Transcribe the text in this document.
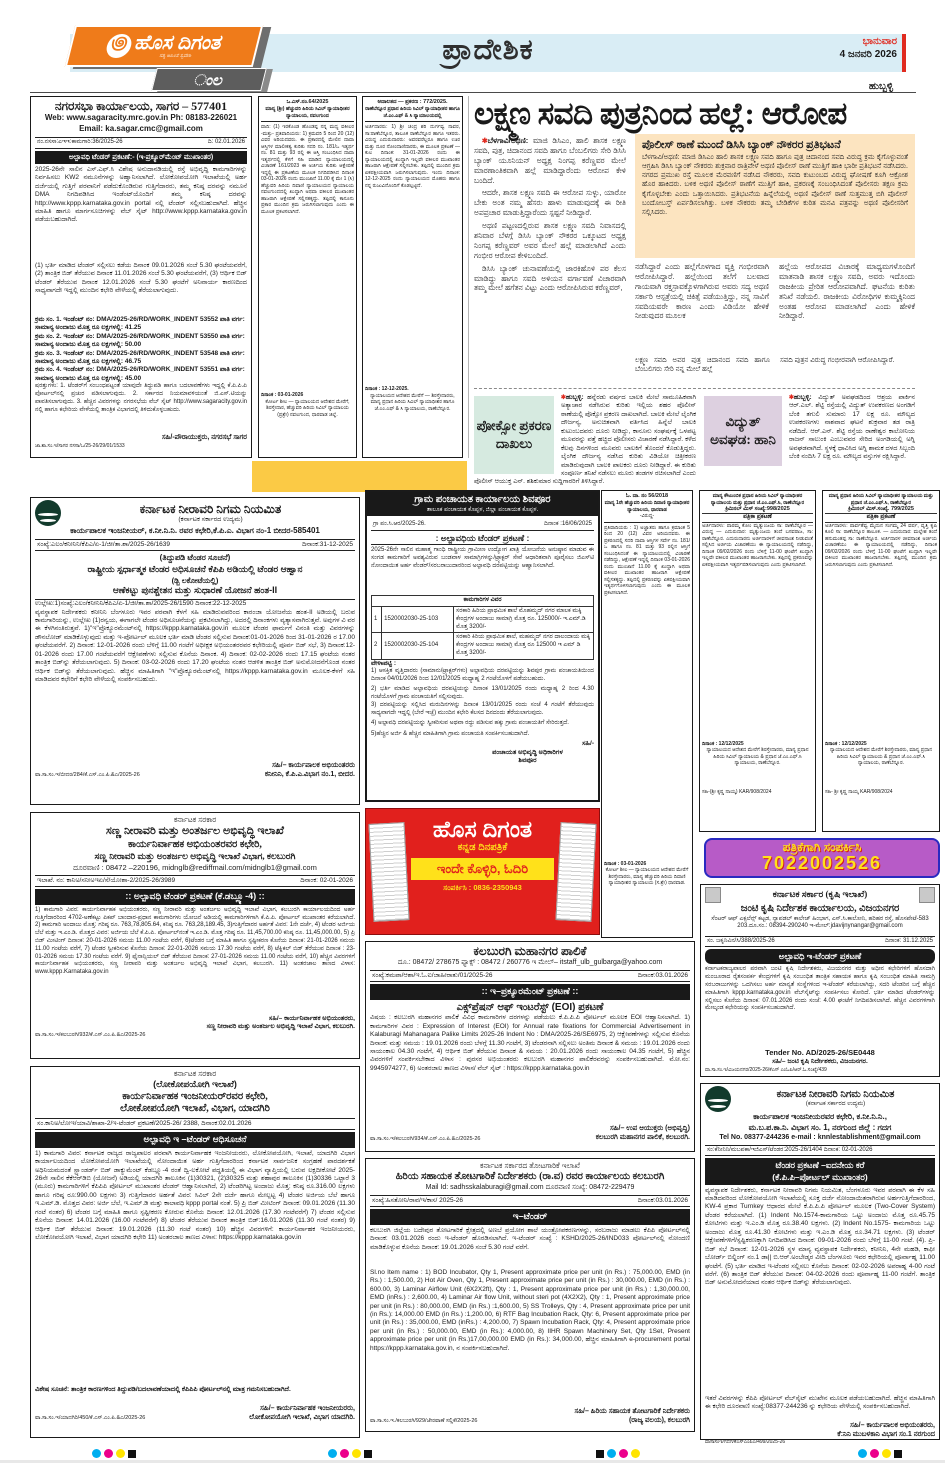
ಪ್ರಾದೇಶಿಕ	ಭಾನುವಾರ
4 ಜನವರಿ 2026
ಹುಬ್ಬಳ್ಳಿ
಄ ಹೊಸ ದಿಗಂತ
ಸತ್ಯ ಅಹಿಂಸೆ ಸ್ವದೇಶಿ
ಂಲ
ನಗರಸಭಾ ಕಾರ್ಯಾಲಯ, ಸಾಗರ – 577401
Web: www.sagaracity.mrc.gov.in Ph: 08183-226021
Email: ka.sagar.cmc@gmail.com
ನಂ.ನಸಸಾ:ಎಇಇ:ಕಾಮಗಾರಿ:36/2025-26	ದಿ: 02.01.2026
ಅಲ್ಪಾವಧಿ ಟೆಂಡರ್ ಪ್ರಕಟಣೆ:- (ಇ-ಪ್ರಕ್ಯೂರ್‌ಮೆಂಟ್ ಮುಖಾಂತರ)
2025-26ನೇ ಸಾಲಿನ ಎಸ್.ಎಫ್.ಸಿ ವಿಶೇಷ ಅನುದಾನಡಿಯಲ್ಲಿ ರಸ್ತೆ ಅಭಿವೃದ್ಧಿ ಕಾಮಗಾರಿಗಳನ್ನು ನಿರ್ವಹಿಸಲು KW2 ನಮೂನೆಗಳನ್ನು ಅಹ್ವಾನಿಸಲಾಗಿದೆ. ಲೋಕೋಪಯೋಗಿ ಇಲಾಖೆಯಲ್ಲಿ ಅರ್ಹ ದರ್ಜೆಯಲ್ಲಿ ಗುತ್ತಿಗೆ ಪರವಾನಿಗೆ ಪಡೆದುಕೊಂಡಿರುವ ಗುತ್ತಿಗೆದಾರರು, ತಮ್ಮ ಕನಿಷ್ಠ ದರವನ್ನು ನಮೂನೆ DMA ನಿಗದಿಪಡಿಸಿದ ಇಂಡೆಂಟ್‌ಯೊಂದಿಗೆ ತಮ್ಮ ಕನಿಷ್ಠ ದರವನ್ನು http://www.kppp.karnataka.gov.in portal ನಲ್ಲಿ ಟೆಂಡರ್ ಸಲ್ಲಿಸಬಹುದಾಗಿದೆ. ಹೆಚ್ಚಿನ ಮಾಹಿತಿ ಹಾಗೂ ಮಾರ್ಗಸೂಚಿಗಳನ್ನು ವೆಬ್ ಸೈಟ್ http://www.kppp.karnataka.gov.in ಪಡೆಯಬಹುದಾಗಿದೆ.
(1) ಭರ್ತಿ ಮಾಡಿದ ಟೆಂಡರ್ ಸಲ್ಲಿಸಲು ಕಡೆಯ ದಿನಾಂಕ 09.01.2026 ಸಂಜೆ 5.30 ಘಂಟೆಯವರೆಗೆ, (2) ತಾಂತ್ರಿಕ ಬಿಡ್ ತೆರೆಯುವ ದಿನಾಂಕ 11.01.2026 ಸಂಜೆ 5.30 ಘಂಟೆಯವರೆಗೆ, (3) ಆರ್ಥಿಕ ಬಿಡ್ ಟೆಂಡರ್ ತೆರೆಯುವ ದಿನಾಂಕ 12.01.2026 ಸಂಜೆ 5.30 ಘಂಟೆಗೆ ಅನಿವಾರ್ಯ ಕಾರಣದಿಂದ ಸಾಧ್ಯವಾಗದೇ ಇದ್ದಲ್ಲಿ ಮುಂದಿನ ಕಛೇರಿ ವೇಳೆಯಲ್ಲಿ ತೆರೆಯಲಾಗುವುದು.
ಕ್ರಮ ಸಂ. 1. ಇಂಡೆಂಟ್ ನಂ: DMA/2025-26/RD/WORK_INDENT 53552 ಪಾತಿ ವರ್ಗ: ಸಾಮಾನ್ಯ ಅಂದಾಜು ಮೊತ್ತ ರೂ ಲಕ್ಷಗಳಲ್ಲಿ: 41.25
ಕ್ರಮ ಸಂ. 2. ಇಂಡೆಂಟ್ ನಂ: DMA/2025-26/RD/WORK_INDENT 53550 ಪಾತಿ ವರ್ಗ: ಸಾಮಾನ್ಯ ಅಂದಾಜು ಮೊತ್ತ ರೂ ಲಕ್ಷಗಳಲ್ಲಿ: 50.00
ಕ್ರಮ ಸಂ. 3. ಇಂಡೆಂಟ್ ನಂ: DMA/2025-26/RD/WORK_INDENT 53548 ಪಾತಿ ವರ್ಗ: ಸಾಮಾನ್ಯ ಅಂದಾಜು ಮೊತ್ತ ರೂ ಲಕ್ಷಗಳಲ್ಲಿ: 46.75
ಕ್ರಮ ಸಂ. 4. ಇಂಡೆಂಟ್ ನಂ: DMA/2025-26/RD/WORK_INDENT 53551 ಪಾತಿ ವರ್ಗ: ಸಾಮಾನ್ಯ ಅಂದಾಜು ಮೊತ್ತ ರೂ ಲಕ್ಷಗಳಲ್ಲಿ: 45.00
ಷರತ್ತುಗಳು: 1. ಟೆಂಡರ್‌ಗೆ ಸಂಬಂಧಪಟ್ಟಂತೆ ಯಾವುದೇ ತಿದ್ದುಪಡಿ ಹಾಗೂ ಬದಲಾವಣೆಗಳು ಇದ್ದಲ್ಲಿ ಕೆ.ಪಿ.ಪಿ.ಪಿ ಪೋರ್ಟಲ್‌ನಲ್ಲಿ ಪ್ರಚುರ ಪಡಿಸಲಾಗುವುದು. 2. ಸರ್ಕಾರದ ನಿಯಮಾವಳಿಯಂತೆ ಜಿ.ಎಸ್.ಟಿಯನ್ನು ಪಾವತಿಸಲಾಗುವುದು. 3. ಹೆಚ್ಚಿನ ವಿವರಗಳನ್ನು ನಗರಸಭೆಯ ವೆಬ್ ಸೈಟ್ http://www.sagaracity.gov.in ನಲ್ಲಿ ಹಾಗೂ ಕಛೇರಿಯ ವೇಳೆಯಲ್ಲಿ ತಾಂತ್ರಿಕ ವಿಭಾಗದಲ್ಲಿ ತಿಳಿದುಕೊಳ್ಳಬಹುದು.
ಸಹಿ/-ಪೌರಾಯುಕ್ತರು, ನಗರಸಭೆ ಸಾಗರ
ಜಾ.ಶಾ.ಸಂ.ಇ/ಸಾಗರ ನಸಸಾ/ಒ/25-26/29/01/1533
ಒ.ಎಸ್.ನಂ.64/2025
ಮಾನ್ಯ (ಶ್ರೀ) ಹೆಚ್ಚುವರಿ ಹಿರಿಯ ಸಿವಿಲ್ ನ್ಯಾಯಾಧೀಶರ ನ್ಯಾಯಾಲಯ, ನವಲಗುಂದ
ವಾದಿ: (1) ಇರಕೊಂಡ ಹೊಂಡಪ್ಪ ನನ್ನ ಮಧ್ಯ ವಕೀಲರ -ಮತ್ತು- ಪ್ರತಿವಾದಿಯರು: 1) ಕ್ರಮವರಿ 5 ರಿಂದ 20 (12) ವಿವರ ಅರಿಯದವರು. ಈ ಪ್ರಕಾರದಲ್ಲಿ ಮೇಲಿನ ದಾವಾ ಆಸ್ತಿಗಳ ಮಾಲೀಕತ್ವ ಕುರಿತು ಸದರಿ ನಂ. 181/ಒ ಇತ್ಯರ್ಥ ನಂ. 81 ಮತ್ತು 93 ರಲ್ಲಿ ಈ ಆಸ್ತಿ ಸಂಬಂಧಿಸಿದ ದಾವಾ ಇತ್ಯರ್ಥದಲ್ಲಿ ಕೆಳಗೆ ಸಹಿ ಮಾಡಿದ ನ್ಯಾಯಾಲಯದಲ್ಲಿ ವಿಚಾರಣೆ 161/2023 ಈ ಅರ್ಜಿಯ ಕುರಿತು ಆಕ್ಷೇಪಣೆ ಇದ್ದಲ್ಲಿ ಈ ಪ್ರಕಟಣೆಯ ಮೂಲಕ ನಿಗದಿಪಡಿಸಿದ ದಿನಾಂಕ 03-01-2026 ರಂದು ಮುಂಜಾನೆ 11.00 ಕ್ಕೆ ಮೇ 1 (ಸಿ) ಹೆಚ್ಚುವರಿ ಹಿರಿಯ ದಿವಾಣಿ ನ್ಯಾಯಾಲಯದ ನ್ಯಾಯಾಲಯ ನವಲಗುಂದದಲ್ಲಿ ಖುದ್ದಾಗಿ ಅಥವಾ ವಕೀಲರ ಮುಖಾಂತರ ಹಾಜರಾಗಿ ಆಕ್ಷೇಪಣೆ ಸಲ್ಲಿಸತಕ್ಕದ್ದು. ತಪ್ಪಿದಲ್ಲಿ ಕಾನೂನು ಪ್ರಕಾರ ಮುಂದಿನ ಕ್ರಮ ಜರುಗಿಸಲಾಗುವುದು ಎಂದು ಈ ಮೂಲಕ ಪ್ರಕಟಿಸಲಾಗಿದೆ.
ದಿನಾಂಕ : 03-01-2026
ಕೋರ್ಟ ಶೀಲ — ನ್ಯಾಯಾಲಯದ ಆದೇಶದ ಮೇರೆಗೆ, ಶಿರಸ್ತೇದಾರ, ಹೆಚ್ಚುವರಿ ಹಿರಿಯ ಸಿವಿಲ್ ನ್ಯಾಯಾಲಯ (ಪ್ರಶ್ರೇ) ನವಲಗುಂದ, ಧಾರವಾಡ ಜಿಲ್ಲೆ.
ಅದಾಲತದ — ಪ್ರಕರಣ : 772/2025.
ರಾಣೆಬೆನ್ನೂರ ಪ್ರಧಾನ ಹಿರಿಯ ಸಿವಿಲ್ ನ್ಯಾಯಾಧೀಶರ ಹಾಗೂ ಜೆ.ಎಂ.ಎಫ್ & ಸಿ ನ್ಯಾಯಾಲಯದಲ್ಲಿ
ಅರ್ಜಿದಾರರು: 1) ಶ್ರೀ ಚಂದ್ರ ಶರಿ ದುರ್ಗವ್ವ ನಾವರ, ಸಾ:ರಾಣೆಬೆನ್ನೂರ, ತಾಲೂಕ ರಾಣೆಬೆನ್ನೂರ ಹಾಗೂ ಇತರರು. ವಿರುದ್ಧ ಎದುರುದಾರರು: ಅವರವರೆಲ್ಲರೂ ಹಾಗೂ ಊರ ಮತ್ತು ದೂರ ನೋಂದಾಣಿದಾರರು, ಈ ಮೂಲಕ ಪ್ರಕಟಣೆ — ಕುಲ ದಿನಾಂಕ: 31-01-2026 ರಂದು ಈ ನ್ಯಾಯಾಲಯದಲ್ಲಿ ಖುದ್ದಾಗಿ ಇಲ್ಲವೇ ವಕೀಲರ ಮುಖಾಂತರ ಹಾಜರಾಗಿ ಆಕ್ಷೇಪಣೆ ಸಲ್ಲಿಸಬೇಕು. ತಪ್ಪಿದಲ್ಲಿ ಮುಂದಿನ ಕ್ರಮ ಏಕಪಕ್ಷೀಯವಾಗಿ ಜರುಗಿಸಲಾಗುವುದು. ಇಂದು ದಿನಾಂಕ: 12-12-2025 ರಂದು ನ್ಯಾಯಾಲಯದ ಮೊಹರು ಹಾಗೂ ನನ್ನ ರುಜುವಿನೊಂದಿಗೆ ಕೊಡಲ್ಪಟ್ಟಿದೆ.
ದಿನಾಂಕ : 12-12-2025.
ನ್ಯಾಯಾಲಯದ ಆದೇಶದ ಮೇರೆಗೆ — ಶಿರಸ್ತೇದಾರರು, ಮಾನ್ಯ ಪ್ರಧಾನ ಹಿರಿಯ ಸಿವಿಲ್ ನ್ಯಾಯಾಧೀಶರ ಹಾಗೂ ಜೆ.ಎಂ.ಎಫ್ & ಸಿ ನ್ಯಾಯಾಲಯ, ರಾಣೆಬೆನ್ನೂರ.
ಲಕ್ಷ್ಮಣ ಸವದಿ ಪುತ್ರನಿಂದ ಹಲ್ಲೆ: ಆರೋಪ

✱ಬೆಳಗಾವಿ/ಅಥಣಿ: ಮಾಜಿ ಡಿಸಿಎಂ, ಹಾಲಿ ಶಾಸಕ ಲಕ್ಷ್ಮಣ ಸವದಿ, ಪುತ್ರ, ಚಿದಾನಂದ ಸವದಿ ಹಾಗೂ ಬೆಂಬಲಿಗರು ಸೇರಿ ಡಿಸಿಸಿ ಬ್ಯಾಂಕ್ ಯೂನಿಯನ್ ಅಧ್ಯಕ್ಷ ನಿಂಗಪ್ಪ ಕರೆಣ್ಣವರ ಮೇಲೆ ಮಾರಣಾಂತಿಕವಾಗಿ ಹಲ್ಲೆ ಮಾಡಿದ್ದಾರೆಂದು ಆರೋಪ ಕೇಳಿ ಬಂದಿದೆ.

ಆದರೇ, ಶಾಸಕ ಲಕ್ಷ್ಮಣ ಸವದಿ ಈ ಆರೋಪ ಸುಳ್ಳು, ಯಾರೋ ಬೇಕು ಅಂತ ನಮ್ಮ ಹೆಸರು ಹಾಳು ಮಾಡುವುದಕ್ಕೆ ಈ ರೀತಿ ಅಪಪ್ರಚಾರ ಮಾಡುತ್ತಿದ್ದಾರೆಂದು ಸ್ಪಷ್ಟನೆ ನೀಡಿದ್ದಾರೆ.

ಅಥಣಿ ಪಟ್ಟಣದಲ್ಲಿರುವ ಶಾಸಕ ಲಕ್ಷ್ಮಣ ಸವದಿ ನಿವಾಸದಲ್ಲಿ ಶನಿವಾರ ಬೆಳಗ್ಗೆ ಡಿಸಿಸಿ ಬ್ಯಾಂಕ್ ನೌಕರರ ಒಕ್ಕೂಟದ ಅಧ್ಯಕ್ಷ ನಿಂಗಪ್ಪ ಕರೆಣ್ಣವರ್ ಅವರ ಮೇಲೆ ಹಲ್ಲೆ ಮಾಡಲಾಗಿದೆ ಎಂದು ಗಂಭೀರ ಆರೋಪ ಕೇಳಿಬಂದಿದೆ.

ಡಿಸಿಸಿ ಬ್ಯಾಂಕ್ ಚುನಾವಣೆಯಲ್ಲಿ ಜಾರಕಿಹೊಳಿ ಪರ ಕೆಲಸ ಮಾಡಿದ್ದು ಹಾಗೂ ಸವದಿ ಅಳಿಯನ ವರ್ಗಾವಣೆ ವಿಚಾರವಾಗಿ ತಮ್ಮ ಮೇಲೆ ಹಗೆತನ ವಿಟ್ಟು ಎಂದು ಆರೋಪಿಸಿರುವ ಕರೆಣ್ಣವರ್,

ಪೊಲೀಸ್ ಠಾಣೆ ಮುಂದೆ ಡಿಸಿಸಿ ಬ್ಯಾಂಕ್ ನೌಕರರ ಪ್ರತಿಭಟನೆ
ಬೆಳಗಾವಿ/ಅಥಣಿ: ಮಾಜಿ ಡಿಸಿಎಂ ಹಾಲಿ ಶಾಸಕ ಲಕ್ಷ್ಮಣ ಸವದಿ ಹಾಗೂ ಪುತ್ರ ಚಿದಾನಂದ ಸವದಿ ವಿರುದ್ಧ ಕ್ರಮ ಕೈಗೊಳ್ಳುವಂತೆ ಆಗ್ರಹಿಸಿ ಡಿಸಿಸಿ ಬ್ಯಾಂಕ್ ನೌಕರರು ಶುಕ್ರವಾರ ರಾತ್ರಿವೇಳೆ ಅಥಣಿ ಪೊಲೀಸ್ ಠಾಣೆ ಮುತ್ತಿಗೆ ಹಾಕಿ ಭಾರೀ ಪ್ರತಿಭಟನೆ ನಡೆಸಿದರು. ನಗರದ ಪ್ರಮುಖ ರಸ್ತೆ ಮೂಲಕ ಮೆರವಣಿಗೆ ನಡೆಸಿದ ನೌಕರರು, ಸವದಿ ಕುಟುಂಬದ ವಿರುದ್ಧ ಘೋಷಣೆ ಕೂಗಿ ಆಕ್ರೋಶ ಹೊರ ಹಾಕಿದರು. ಬಳಿಕ ಅಥಣಿ ಪೊಲೀಸ್ ಠಾಣೆಗೆ ಮುತ್ತಿಗೆ ಹಾಕಿ, ಪ್ರಕರಣಕ್ಕೆ ಸಂಬಂಧಿಸಿದಂತೆ ಪೊಲೀಸರು ತಕ್ಷಣ ಕ್ರಮ ಕೈಗೊಳ್ಳಬೇಕು ಎಂದು ಒತ್ತಾಯಿಸಿದರು. ಪ್ರತಿಭಟನೆಯ ಹಿನ್ನೆಲೆಯಲ್ಲಿ ಅಥಣಿ ಪೊಲೀಸ್ ಠಾಣೆ ಸುತ್ತಮುತ್ತ ಬಿಗಿ ಪೊಲೀಸ್ ಬಂದೋಬಸ್ತ್ ಏರ್ಪಡಿಸಲಾಗಿತ್ತು. ಬಳಿಕ ನೌಕರರು ತಮ್ಮ ಬೇಡಿಕೆಗಳ ಕುರಿತ ಮನವಿ ಪತ್ರವನ್ನು ಅಥಣಿ ಪೊಲೀಸರಿಗೆ ಸಲ್ಲಿಸಿದರು.
ನಡೆಸಿದ್ದಾರೆ ಎಂದು ಹಲ್ಲೆಗೊಳಗಾದ ವ್ಯಕ್ತಿ ಗಂಭೀರವಾಗಿ ಆರೋಪಿಸಿದ್ದಾರೆ. ಹಲ್ಲೆಯಿಂದ ತಲೆಗೆ ಬಲವಾದ ಗಾಯವಾಗಿ ರಕ್ತಸ್ರಾವಕ್ಕೊಳಗಾಗಿರುವ ಅವರು ಸದ್ಯ ಅಥಣಿ ಸರ್ಕಾರಿ ಆಸ್ಪತ್ರೆಯಲ್ಲಿ ಚಿಕಿತ್ಸೆ ಪಡೆಯುತ್ತಿದ್ದು, ನನ್ನ ಸಾವಿಗೆ ಸವದಿಯವರೇ ಕಾರಣ ಎಂದು ವಿಡಿಯೋ ಹೇಳಿಕೆ ನೀಡುವುದರ ಮೂಲಕ
ಹಲ್ಲೆಯ ಆರೋಪದ ವಿಚಾರಕ್ಕೆ ಮಾಧ್ಯಮಗಳೊಂದಿಗೆ ಮಾತನಾಡಿ ಶಾಸಕ ಲಕ್ಷ್ಮಣ ಸವದಿ, ಅವರು ಇದೊಂದು ರಾಜಕೀಯ ಪ್ರೇರಿತ ಆರೋಪವಾಗಿದೆ. ಘಟನೆಯ ಕುರಿತು ತನಿಖೆ ನಡೆಯಲಿ. ರಾಜಕೀಯ ವಿರೋಧಿಗಳ ಕುಮ್ಮಕ್ಕಿನಿಂದ ಅಂತಹ ಆರೋಪ ಮಾಡಲಾಗಿದೆ ಎಂದು ಹೇಳಿಕೆ ನೀಡಿದ್ದಾರೆ.
ಲಕ್ಷ್ಮಣ ಸವದಿ ಅವರ ಪುತ್ರ ಚಿದಾನಂದ ಸವದಿ ಹಾಗೂ ಬೆಂಬಲಿಗರು ಸೇರಿ ನನ್ನ ಮೇಲೆ ಹಲ್ಲೆ
ಸವದಿ ಪುತ್ರನ ವಿರುದ್ಧ ಗಂಭೀರವಾಗಿ ಆರೋಪಿಸಿದ್ದಾರೆ.
ಪೋಕ್ಸೋ ಪ್ರಕರಣ ದಾಖಲು
✱ಹುಬ್ಬಳ್ಳಿ: ಹನ್ನೆರಡು ವರ್ಷದ ಬಾಲಕಿ ಮೇಲೆ ಸಾಮೂಹಿಕವಾಗಿ ಅತ್ಯಾಚಾರ ನಡೆಸಿರುವ ಕುರಿತು ಇಲ್ಲಿಯ ಶಹರ ಪೊಲೀಸ್ ಠಾಣೆಯಲ್ಲಿ ಪೊಕ್ಸೋ ಪ್ರಕರಣ ದಾಖಲಾಗಿದೆ. ಬಾಲಕಿ ಮೇಲೆ ಲೈಂಗಿಕ ದೌರ್ಜನ್ಯ, ಅನುಚಿತವಾಗಿ ವರ್ತಿಸಿದ ಹಿನ್ನೆಲೆ ಬಾಲಕಿ ಕುಟುಂಬದವರು ದೂರು ನೀಡಿದ್ದು, ಕಾನೂನು ಸಂಘರ್ಷಕ್ಕೆ ಒಳಪಟ್ಟ ಮೂವರನ್ನು ಪತ್ತೆ ಹಚ್ಚಿದ ಪೊಲೀಸರು ವಿಚಾರಣೆ ನಡೆಸಿದ್ದಾರೆ. ಕಳೆದ ಕೆಲವು ದಿನಗಳಿಂದ ಮೂವರು ಬಾಲಕಿಗೆ ತೊಂದರೆ ಕೊಡುತ್ತಿದ್ದರು. ಲೈಂಗಿಕ ದೌರ್ಜನ್ಯ ನಡೆಸಿದ ಕುರಿತು ವಿಡಿಯೋ ಚಿತ್ರೀಕರಣ ಮಾಡಿರುವುದಾಗಿ ಬಾಲಕಿ ಪಾಲಕರು ದೂರು ನೀಡಿದ್ದಾರೆ. ಈ ಕುರಿತು ಸಂಪೂರ್ಣ ತನಿಖೆ ನಡೆಸಲು ಮೂರು ತಂಡಗಳ ರಚಿಸಲಾಗಿದೆ ಎಂದು ಪೊಲೀಸ್ ಆಯುಕ್ತ ಎನ್. ಶಶಿಕುಮಾರ ಸುದ್ದಿಗಾರರಿಗೆ ತಿಳಿಸಿದ್ದಾರೆ.
ವಿದ್ಯುತ್ ಅವಘಡ: ಹಾನಿ
✱ಹುಬ್ಬಳ್ಳಿ: ವಿದ್ಯುತ್ ಅವಘಡದಿಂದ ಆಶ್ರಯ ಪಾರ್ಕಿನ ಆರ್.ಎಲ್. ಶೆಟ್ಟಿ ರಸ್ತೆಯಲ್ಲಿ ವಿದ್ಯುತ್ ಉಪಕರಣದ ಅಂಗಡಿಗೆ ಬೆಂಕಿ ತಗುಲಿ ಸುಮಾರು 17 ಲಕ್ಷ ರೂ. ಮೌಲ್ಯದ ಉಪಕರಣಗಳು ನಾಶವಾದ ಘಟನೆ ಶುಕ್ರವಾರ ತಡ ರಾತ್ರಿ ನಡೆದಿದೆ. ಆರ್.ಎನ್. ಶೆಟ್ಟಿ ರಸ್ತೆಯ ರಾಣೇಶ್ವರ ಕಾಲೋನಿಯ ರಾಜನ್ ಸಾಲುಂಕಿ ಎಂಬುವವರ ಸೇರಿದ ಅಂಗಡಿಯಲ್ಲಿ ಅಗ್ನಿ ಅವಘಡವಾಗಿದೆ. ಸ್ಥಳಕ್ಕೆ ಧಾವಿಸಿದ ಅಗ್ನಿ ಶಾಮಕ ದಳದ ಸಿಬ್ಬಂದಿ ಬೆಂಕಿ ನಂದಿಸಿ 7 ಲಕ್ಷ ರೂ. ಮೌಲ್ಯದ ವಸ್ತುಗಳ ರಕ್ಷಿಸಿದ್ದಾರೆ.
ಕರ್ನಾಟಕ ನೀರಾವರಿ ನಿಗಮ ನಿಯಮಿತ
(ಕರ್ನಾಟಕ ಸರ್ಕಾರದ ಉದ್ಯಮ)
ಕಾರ್ಯಪಾಲಕ ಇಂಜನೀಯರ್, ಕ.ನೀ.ನಿ.ನಿ. ರವರ ಕಛೇರಿ,ಕೆ.ಪಿ.ಎ. ವಿಭಾಗ ನಂ-1 ಬೀದರ-585401
ಸಂಖ್ಯೆ:ಎಲಂ/ಕನೀನಿನಿ/ಕೆಪಿಎ/ಏ-1/ಜೀ/ತಾ.ಶಾ/2025-26/1639	ದಿನಾಂಕ:31-12-2025
(ತಿದ್ದುಪಡಿ ಟೆಂಡರ ಸೂಚನೆ)
ರಾಷ್ಟ್ರೀಯ ಸ್ಪರ್ಧಾತ್ಮಕ ಟೆಂಡರ ಅಧಿಸೂಚನೆ ಕೆಪಿಪಿ ಅಡಿಯಲ್ಲಿ ಟೆಂಡರ ಆಹ್ವಾನ
(ಡ್ಬಿ ಲಕೋಟೆಯಲ್ಲಿ)
ಆಣೆಕಟ್ಟು ಪುನಶ್ಚೇತನ ಮತ್ತು ಸುಧಾರಣೆ ಯೋಜನೆ ಹಂತ-II
ಉಲ್ಲೇಖ:1)ಸಂಖ್ಯೆ:ಎಲಂ/ಕನೀನಿನಿ/ಕೆಪಿಎ/ಏ-1/ಜೀ/ತಾ.ಶಾ/2025-26/1590 ದಿನಾಂಕ:22-12-2025
ವ್ಯವಸ್ಥಾಪಕ ನಿರ್ದೇಶಕರು ಕನೀನಿನಿ ಬೆಂಗಳೂರು ಇವರ ಪರವಾಗಿ ಕೆಳಗೆ ಸಹಿ ಮಾಡಿರುವವರಿಂದ ಕಾರಂಜಾ ಯೋಜನೆಯ ಹಂತ-II ಅಡಿಯಲ್ಲಿ ಬರುವ ಕಾಮಗಾರಿಯನ್ನು, ಉಲ್ಲೇಖ (1)ರನ್ವಯ, ಈಗಾಗಲೇ ಟೆಂಡರ ಅಧಿಸೂಚನೆಯನ್ನು ಪ್ರಕಟಿಸಲಾಗಿದ್ದು, ಅದರಲ್ಲಿ ದಿನಾಂಕಗಳು ವ್ಯತ್ಯಾಸವಾಗಿರುತ್ತವೆ. ಅವುಗಳ ವಿ ವರ ಈ ಕೆಳಗಿನಂತಿರುತ್ತವೆ. 1)"ಇ"ಪ್ರೊಕ್ಯೂರಮೆಂಟ್‌ನಲ್ಲಿ https://kppp.karnataka.gov.in ಮೂಲಕ ಟೆಂಡರ ಫಾರ್ಮಗೆ ವಿನಂತಿ ಮತ್ತು ವಿವರಗಳನ್ನು ಡೌನಲೋಡ್ ಮಾಡಿಕೊಳ್ಳುವುದು ಮತ್ತು ಇ-ಪೋರ್ಟಲ್ ಮೂಲಕ ಭರ್ತಿ ಮಾಡಿ ಟೆಂಡರ ಸಲ್ಲಿಸುವ ದಿನಾಂಕ:01-01-2026 ರಿಂದ 31-01-2026 ರ 17.00 ಘಂಟೆಯವರೆಗೆ. 2) ದಿನಾಂಕ: 12-01-2026 ರಂದು ಬೆಳಿಗ್ಗೆ 11.00 ಗಂಟೆಗೆ ಅಧೀಕ್ಷಕ ಅಭಿಯಂತರರವರ ಕಛೇರಿಯಲ್ಲಿ ಪೂರ್ವ ಬಿಡ್ ಸಭೆ, 3) ದಿನಾಂಕ:12-01-2026 ರಂದು 17.00 ಗಂಟೆಯವರೆಗೆ ಆಕ್ಷೇಪಣೆಗಳು ಸಲ್ಲಿಸುವ ಕೊನೆಯ ದಿನಾಂಕ. 4) ದಿನಾಂಕ: 02-02-2026 ರಂದು 17.15 ಘಂಟೆಯ ನಂತರ ತಾಂತ್ರಿಕ ಬಿಡ್‌ನ್ನು ತೆರೆಯಲಾಗುವುದು. 5) ದಿನಾಂಕ: 03-02-2026 ರಂದು 17.20 ಘಂಟೆಯ ನಂತರ ಆಡಳಿತ ತಾಂತ್ರಿಕ ಬಿಡ್ ಅನುಮೋದನೆಗೊಂಡ ನಂತರ ಆರ್ಥಿಕ ಬಿಡ್‌ನ್ನು ತೆರೆಯಲಾಗುವುದು. ಹೆಚ್ಚಿನ ಮಾಹಿತಿಗಾಗಿ "ಇ"ಪ್ರೊಕ್ಯೂರಮೆಂಟ್‌ನಲ್ಲಿ https://kppp.karnataka.gov.in ಮೂಲಕ-ಕೆಳಗೆ ಸಹಿ ಮಾಡಿದವರ ಕಛೇರಿಗೆ ಕಛೇರಿ ವೇಳೆಯಲ್ಲಿ ಸಂಪರ್ಕಿಸಬಹುದು.
ವಾ.ಸಾ.ಸಂ.ಇ/ಬೀದರ/284/ಕೆ.ಎಸ್.ಎಂ.ಪಿ.&ಎ/2025-26
ಸಹಿ/– ಕಾರ್ಯಪಾಲಕ ಅಭಿಯಂತರರು
ಕನೀನಿನಿ, ಕೆ.ಪಿ.ಎ.ವಿಭಾಗ ನಂ.1, ಬೀದರ.
ಕರ್ನಾಟಕ ಸರಕಾರ
ಸಣ್ಣ ನೀರಾವರಿ ಮತ್ತು ಅಂತರ್ಜಲ ಅಭಿವೃದ್ಧಿ ಇಲಾಖೆ
ಕಾರ್ಯನಿರ್ವಾಹಕ ಅಭಿಯಂತರವರ ಕಛೇರಿ,
ಸಣ್ಣ ನೀರಾವರಿ ಮತ್ತು ಅಂತರ್ಜಲ ಅಭಿವೃದ್ಧಿ ಇಲಾಖೆ ವಿಭಾಗ, ಕಲಬುರಗಿ
ದೂರವಾಣಿ : 08472 –220196, midnglb@rediffmail.com/midnglb1@gmail.com
ಇಲಾಖೆ. ನಂ: ಕಾನಿಅ/ಸನೀಅಇಏ/ಸೆ/ಯೋಶಾ-2/2025-26/3989	ದಿನಾಂಕ: 02-01-2026
:: ಅಲ್ಪಾವಧಿ ಟೆಂಡರ್ ಪ್ರಕಟಣೆ (ಕೆ.ಡಬ್ಲ್ಯೂ-4) ::
1) ಕಾಮಗಾರಿ ವಿವರ: ಕಾರ್ಯನಿರ್ವಾಹಕ ಅಭಿಯಂತರರು, ಸಣ್ಣ ನೀರಾವರಿ ಮತ್ತು ಅಂತರ್ಜಲ ಅಭಿವೃದ್ಧಿ ಇಲಾಖೆ ವಿಭಾಗ, ಕಲಬುರಗಿ ಕಾರ್ಯಾಲಯದಿಂದ ಅರ್ಹ ಗುತ್ತಿಗೆದಾರರಿಂದ 4702-ಅಣೆಕಟ್ಟು ಪಿಕಪ್ ಬಾಂದಾರ-ಪ್ರಧಾನ ಕಾಮಗಾರಿಗಳು ಯೋಜನೆ ಅಡಿಯಲ್ಲಿ ಕಾಮಗಾರಿಗಳಿಗಾಗಿ ಕೆ.ಪಿ.ಪಿ. ಪೋರ್ಟಲ್ ಮುಖಾಂತರ ಕರೆಯಲಾಗಿದೆ. 2) ಕಾಮಗಾರಿ ಅಂದಾಜು ಮೊತ್ತ: ಗರಿಷ್ಠ ರೂ. 763,78,805.64, ಕನಿಷ್ಠ ರೂ. 763,28,189.45, 3)ಗುತ್ತಿಗೆದಾರರ ಅರ್ಹತೆ ವಿವರ: 1ನೇ ದರ್ಜೆ, 4) ಟೆಂಡರ ಅರ್ಜಿಯ ಬೆಲೆ ಮತ್ತು ಇ.ಎಂ.ಡಿ. ಮೊತ್ತದ ವಿವರ: ಅರ್ಜಿಯ ಬೆಲೆ ಕೆ.ಪಿ.ಪಿ. ಪೋರ್ಟಲ್‌ನಂತೆ ಇ.ಎಂ.ಡಿ. ಮೊತ್ತ ಗರಿಷ್ಠ ರೂ. 11,45,700.00 ಕನಿಷ್ಠ ರೂ. 11,45,000.00, 5) ಪ್ರಿ ಬಿಡ್ ಮೀಟಿಂಗ್ ದಿನಾಂಕ: 20-01-2026 ಸಮಯ 11.00 ಗಂಟೆಯ ವರೆಗೆ, 6)ಟೆಂಡರ ಬಗ್ಗೆ ಮಾಹಿತಿ ಹಾಗೂ ಸ್ಪಷ್ಟೀಕರಣ ಕೊನೆಯ ದಿನಾಂಕ: 21-01-2026 ಸಮಯ 11.00 ಗಂಟೆಯ ವರೆಗೆ, 7) ಟೆಂಡರ ಸ್ವೀಕರಿಸುವ ಕೊನೆಯ ದಿನಾಂಕ: 22-01-2026 ಸಮಯ 17.30 ಗಂಟೆಯ ವರೆಗೆ, 8) ಟೆಕ್ನಿಕಲ್ ಬಿಡ್ ತೆರೆಯುವ ದಿನಾಂಕ : 23-01-2026 ಸಮಯ 17.30 ಗಂಟೆಯ ವರೆಗೆ. 9) ಫೈನಾನ್ಸಿಯಲ್ ಬಿಡ್ ತೆರೆಯುವ ದಿನಾಂಕ: 27-01-2026 ಸಮಯ 11.00 ಗಂಟೆಯ ವರೆಗೆ, 10) ಹೆಚ್ಚಿನ ವಿವರಗಳಿಗೆ ಕಾರ್ಯನಿರ್ವಾಹಕ ಅಭಿಯಂತರರು, ಸಣ್ಣ ನೀರಾವರಿ ಮತ್ತು ಅಂತರ್ಜಲ ಅಭಿವೃದ್ಧಿ ಇಲಾಖೆ ವಿಭಾಗ, ಕಲಬುರಗಿ. 11) ಅಂತರಜಾಲ ತಾಣದ ವಿಳಾಸ: www.kppp.Karnataka.gov.in
ಸಹಿ/– ಕಾರ್ಯನಿರ್ವಾಹಕ ಅಭಿಯಂತರರು,
ಸಣ್ಣ ನೀರಾವರಿ ಮತ್ತು ಅಂತರ್ಜಲ ಅಭಿವೃದ್ಧಿ ಇಲಾಖೆ ವಿಭಾಗ, ಕಲಬುರಗಿ.
ವಾ.ಸಾ.ಸಂ.ಇ/ಕಲಬುರಗಿ/932/ಕೆ.ಎಸ್.ಎಂ.ಪಿ.&ಎ/2025-26
ಕರ್ನಾಟಕ ಸರಕಾರ
(ಲೋಕೋಪಯೋಗಿ ಇಲಾಖೆ)
ಕಾರ್ಯನಿರ್ವಾಹಕ ಇಂಜನೀಯರ್‌ರವರ ಕಛೇರಿ,
ಲೋಕೋಪಯೋಗಿ ಇಲಾಖೆ, ವಿಭಾಗ, ಯಾದಗಿರಿ
ಸಂ.ಕಾನಿಅ/ಲೋಇ/ಯಾವಿ/ಶಾಖಾ-2/ಇ-ಟೆಂಡರ್ ಪ್ರಕಟಣೆ/2025-26/ 2388, ದಿನಾಂಕ:02.01.2026
ಅಲ್ಪಾವಧಿ ಇ –ಟೆಂಡರ್ ಆಧಿಸೂಚನೆ
1) ಕಾಮಗಾರಿ ವಿವರ: ಕರ್ನಾಟಕ ರಾಜ್ಯದ ರಾಜ್ಯಪಾಲರ ಪರವಾಗಿ ಕಾರ್ಯನಿರ್ವಾಹಕ ಇಂಜನೀಯರರು, ಲೋಕೋಪಯೋಗಿ, ಇಲಾಖೆ, ಯಾದಗಿರಿ ವಿಭಾಗ ಕಾರ್ಯಾಲಯದಿಂದ ಲೋಕೋಪಯೋಗಿ ಇಲಾಖೆಯಲ್ಲಿ ನೋಂದಾಯಿತ ಅರ್ಹ ಗುತ್ತಿಗೆದಾರರಿಂದ ಕರ್ನಾಟಕ ಸಾರ್ವಜನಿಕ ಸಂಗ್ರಹಣೆ ಪಾರದರ್ಶಕತೆ ಅಧಿನಿಯಮದಂತೆ ಸ್ಟ್ಯಾಂಡರ್ಡ್ ಬಿಡ್ ಡಾಕ್ಯುಮೆಂಟ್ ಕೆಡಬ್ಲ್ಯೂ-4 ರಂತೆ ದ್ವಿ-ಲಕೋಟೆ ಪದ್ಧತಿಯಲ್ಲಿ ಈ ವಿಭಾಗ ವ್ಯಾಪ್ತಿಯಲ್ಲಿ ಬರುವ ಲಕ್ಷದೀಕೋಟೆ 2025-26ನೇ ಸಾಲಿನ ಕೆಕೆಆರ್‌ಡಿಬಿ (ಯೋಜನೆ) ಅಡಿಯಲ್ಲಿ ಯಾದಗಿರಿ ತಾಲೂಕಿನ (1)30321, (2)30325 ಮತ್ತು ಶಹಾಪುರ ತಾಲೂಕಿನ (1)30336 ಒಟ್ಟಾರೆ 3 (ಮೂರು) ಕಾಮಗಾರಿಗಳಿಗೆ ಕೆಪಿಪಿಪಿ ಪೋರ್ಟಲ್ ಮುಖಾಂತರ ಟೆಂಡರ್ ಆಹ್ವಾನಿಸಲಾಗಿದೆ, 2) ಟೆಂಡರಿಗಿಟ್ಟ ಅಂದಾಜು ಮೊತ್ತ: ಕನಿಷ್ಠ ರೂ.316.00 ಲಕ್ಷಗಳು ಹಾಗೂ ಗರಿಷ್ಠ ರೂ:990.00 ಲಕ್ಷಗಳು 3) ಗುತ್ತಿಗೆದಾರರ ಅರ್ಹತೆ ವಿವರ: ಸಿವಿಲ್ 2ನೇ ದರ್ಜೆ ಹಾಗೂ ಮೇಲ್ಪಟ್ಟ 4) ಟೆಂಡರ ಅರ್ಜಿಯ ಬೆಲೆ ಹಾಗೂ ಇ.ಎಮ್.ಡಿ. ಮೊತ್ತದ ವಿವರ: ಅರ್ಜಿ ಬೆಲೆ, ಇ.ಎಮ್.ಡಿ ಮತ್ತು ಕಾಲಾವಧಿ kppp portal ನಂತೆ. 5) ಪ್ರಿ ಬಿಡ್ ಮೀಟಿಂಗ್ ದಿನಾಂಕ: 09.01.2026 (11.30 ಗಂಟೆ ನಂತರ) 6) ಟೆಂಡರ ಬಗ್ಗೆ ಮಾಹಿತಿ ಹಾಗೂ ಸ್ಪಷ್ಟೀಕರಣ ಕೋರುವ ಕೊನೆಯ ದಿನಾಂಕ: 12.01.2026 (17.30 ಗಂಟೆವರೆಗೆ) 7) ಟೆಂಡರ ಸಲ್ಲಿಸುವ ಕೊನೆಯ ದಿನಾಂಕ: 14.01.2026 (16.00 ಗಂಟೆವರೆಗೆ) 8) ಟೆಂಡರ ತೆರೆಯುವ ದಿನಾಂಕ ತಾಂತ್ರಿಕ ಬಿಡ್:16.01.2026 (11.30 ಗಂಟೆ ನಂತರ) 9) ಆರ್ಥಿಕ ಬಿಡ್ ತೆರೆಯುವ ದಿನಾಂಕ: 19.01.2026 (11.30 ಗಂಟೆ ನಂತರ) 10) ಹೆಚ್ಚಿನ ವಿವರಗಳಿಗೆ: ಕಾರ್ಯನಿರ್ವಾಹಕ ಇಂಜನೀಯರರು, ಲೋಕೋಪಯೋಗಿ ಇಲಾಖೆ, ವಿಭಾಗ ಯಾದಗಿರಿ ಕಛೇರಿ 11) ಅಂತರಜಾಲ ತಾಣದ ವಿಳಾಸ: https://kppp.karnataka.gov.in
ವಿಶೇಷ ಸೂಚನೆ: ತಾಂತ್ರಿಕ ಕಾರಣಗಳಿಂದ ತಿದ್ದುಪಡಿ/ಬದಲಾವಣೆಯಾದಲ್ಲಿ ಕೆಪಿಪಿಪಿ ಪೋರ್ಟಲ್‌ನಲ್ಲಿ ಮಾತ್ರ ಗಮನಿಸಬಹುದಾಗಿದೆ.
ಸಹಿ/– ಕಾರ್ಯನಿರ್ವಾಹಕ ಇಂಜನೀಯರರು,
ವಾ.ಸಾ.ಸಂ.ಇ/ಯಾದಗಿರಿ/450/ಕೆ.ಎಸ್.ಎಂ.ಪಿ.&ಎ/2025-26	ಲೋಕೋಪಯೋಗಿ ಇಲಾಖೆ, ವಿಭಾಗ ಯಾದಗಿರಿ.
ಗ್ರಾಮ ಪಂಚಾಯತ ಕಾರ್ಯಾಲಯ ಶಿವಪೂರ
ತಾಲೂಕ ಪಂಚಾಯತ ಕೊಪ್ಪಳ, ಜಿಲ್ಲಾ ಪಂಚಾಯತ ಕೊಪ್ಪಳ.
ಗ್ರಾ ಪಂ.ಸಿ.ಆರ/2025-26.	ದಿನಾಂಕ :16/06/2025
: ಅಲ್ಪಾವಧಿಯ ಟೆಂಡರ್ ಪ್ರಕಟಣೆ :
2025-26ನೇ ಸಾಲಿನ ಮಹಾತ್ಮ ಗಾಂಧಿ ರಾಷ್ಟ್ರೀಯ ಗ್ರಾಮೀಣ ಉದ್ಯೋಗ ಖಾತ್ರಿ ಯೋಜನೆಯ ಅನುಷ್ಠಾನ ಮಾಡುವ ಈ ಸಂಗಡ ಕಾಮಗಾರಿಗೆ ಅವಶ್ಯವಿರುವ ಬಂಡವಾಳ ಸಾಮಾಗ್ರಿಗಳನ್ನು/ಟ್ರ್ಯಾಕ್ಟರ್ ಸೇವೆ ಆಧಾರಿತವಾಗಿ ಪೂರೈಸಲು ಜಿಎಸ್‌ಟಿ ನೋಂದಾಯಿತ ಅರ್ಹ ವೆಂಡರ್/ಸರಬರಾಜುದಾರರಿಂದ ಅಲ್ಪಾವಧಿ ದರಪಟ್ಟಿಯನ್ನು ಆಹ್ವಾನಿಸಲಾಗಿದೆ.
ಕಾಮಗಾರಿಗಳ ವಿವರ		
1	1520002030-25-103	ಸರಕಾರಿ ಹಿರಿಯ ಪ್ರಾಥಮಿಕ ಶಾಲೆ ಮೊಹಮ್ಮದ್ ನಗರ ಮಾಲಕ ಮಕ್ಕಿ ಕೇಂದ್ರಗಳ ಅಂದಾಜು ಸಾಮಾಗ್ರಿ ಮೊತ್ತ ರೂ. 125000/- ಇ.ಎಮ್.ಡಿ ಮೊತ್ತ 3200/-
2	1520002030-25-104	ಸರಕಾರಿ ಕಿರಿಯ ಪ್ರಾಥಮಿಕ ಶಾಲೆ, ಮಹಮ್ಮದ್ ನಗರ ದಾಲಂದಾಯ ಮಕ್ಕಿ ಕೇಂದ್ರಗಳ ಅಂದಾಜು ಸಾಮಾಗ್ರಿ ಮೊತ್ತ ರೂ 125000 ಇ ಎಮ್ ಡಿ ಮೊತ್ತ 3200/-
ವೇಳಾಪಟ್ಟಿ :
1) ಆಸಕ್ತಿತ ವೃತ್ತಿದಾರರು (ಸಾಮಾನು/ಟ್ರ್ಯಾಕ್ಟರ್‌ಗಳು) ಅಲ್ಪಾವಧಿಯ ದರಪಟ್ಟಿಯನ್ನು ಶಿವಪುರ ಗ್ರಾಮ ಪಂಚಾಯತಿಯಿಂದ ದಿನಾಂಕ 04/01/2026 ರಿಂದ 12/01/2025 ಮಧ್ಯಾಹ್ನ 2 ಗಂಟೆಯೊಳಗೆ ಪಡೆಯಬಹುದು.
2) ಭರ್ತಿ ಮಾಡಿದ ಅಲ್ಪಾವಧಿಯ ದರಪಟ್ಟಿಯನ್ನು ದಿನಾಂಕ 13/01/2025 ರಂದು ಮಧ್ಯಾಹ್ನ 2 ರಿಂದ 4.30 ಗಂಟೆಯೊಳಗೆ ಗ್ರಾಮ ಪಂಚಾಯತಿಗೆ ಸಲ್ಲಿಸುವುದು.
3) ದರಪಟ್ಟಿಯನ್ನು ಸಲ್ಲಿಸಿದ ಮರುದಿನಗಳನ್ನು ದಿನಾಂಕ 13/01/2025 ರಂದು ಸಂಜೆ 4 ಗಂಟೆಗೆ ತೆರೆಯುವುದು ಸಾಧ್ಯವಾಗದೇ ಇದ್ದಲ್ಲಿ (ಬೇರೆ ಇಚ್ಛೆ) ಮುಂದಿನ ಕಛೇರಿ ಕೆಲಸದ ದಿನದಂದು ತೆರೆಯಲಾಗುವುದು.
4) ಅಲ್ಪಾವಧಿ ದರಪಟ್ಟಿಯನ್ನು ಸ್ವೀಕರಿಸುವ ಅಥವಾ ರದ್ದು ಪಡಿಸುವ ಹಕ್ಕು ಗ್ರಾಮ ಪಂಚಾಯತಿಗೆ ಸೇರಿರುತ್ತದೆ.
5)ಹೆಚ್ಚಿನ ಅರ್ಜಿ & ಹೆಚ್ಚಿನ ಮಾಹಿತಿಗಾಗಿ ಗ್ರಾಮ ಪಂಚಾಯತಿ ಸಂಪರ್ಕಿಸಬಹುದಾಗಿದೆ.
ಸಹಿ/-
ಪಂಚಾಯತ ಅಭಿವೃದ್ಧಿ ಅಧಿಕಾರಿಗಳ
ಶಿವಪೂರ
ಹೊಸ ದಿಗಂತ
ಕನ್ನಡ ದಿನಪತ್ರಿಕೆ
ಇಂದೇ ಕೊಳ್ಳಿರಿ, ಓದಿರಿ
ಸಂಪರ್ಕಿಸಿ : 0836-2350943
ಕಲಬುರಗಿ ಮಹಾನಗರ ಪಾಲಿಕೆ
ದೂ.: 08472/ 278675 ಫ್ಯಾಕ್ಸ್ : 08472 / 260776 ಇ ಮೇಲ್– itstaff_ulb_gulbarga@yahoo.com
ಸಂಖ್ಯೆ:ಕಮಪಾ/ಆಶಾ/ಇ.ಓ.ಐ/ಜಾಹೀರಾತು/01/2025-26	ದಿನಾಂಕ:03.01.2026
:: ಇ–ಪ್ರಕ್ಯೂರಮೆಂಟ್ ಪ್ರಕಟಣೆ ::
ಎಕ್ಸ್‌ಪ್ರೆಷನ್ ಆಫ್ ಇಂಟರೆಸ್ಟ್ (EOI) ಪ್ರಕಟಣೆ
ವಿಷಯ : ಕಲಬುರಗಿ ಮಹಾನಗರ ಪಾಲಿಕೆ ವಿವಿಧ ಕಾಮಗಾರಿಗಳ ದರಗಳನ್ನು ಪಡೆಯಲು ಕೆ.ಪಿ.ಪಿ.ಪಿ ಪೋರ್ಟಲ್ ಮೂಲಕ EOI ಆಹ್ವಾನಿಸಲಾಗಿದೆ. 1) ಕಾಮಗಾರಿಗಳ ವಿವರ : Expression of Interest (EOI) for Annual rate fixations for Commercial Advertisement in Kalaburagi Mahanagara Palike Limits 2025-26 Indent No : DMA/2025-26/SE6975, 2) ಆಕ್ಷೇಪಣೆಗಳನ್ನು ಸಲ್ಲಿಸುವ ಕೊನೆಯ ದಿನಾಂಕ: ಮತ್ತು ಸಮಯ : 19.01.2026 ರಂದು ಬೆಳಗ್ಗೆ 11.30 ಗಂಟೆಗೆ, 3) ಟೆಂಡರನಾಗಿ ಸಲ್ಲಿಸಲು ಅಂತಿಮ ದಿನಾಂಕ & ಸಮಯ : 19.01.2026 ರಂದು ಸಾಯಂಕಾಲ 04.30 ಗಂಟೆಗೆ, 4) ಆರ್ಥಿಕ ಬಿಡ್ ತೆರೆಯುವ ದಿನಾಂಕ & ಸಮಯ : 20.01.2026 ರಂದು ಸಾಯಂಕಾಲ 04.35 ಗಂಟೆಗೆ, 5) ಹೆಚ್ಚಿನ ವಿವರಗಳಿಗೆ ಸಂಪರ್ಕಿಸಬೇಕಾದ ವಿಳಾಸ : ಪುರಸರ ಅಭಿಯಂತರರು ಕಲಬುರಗಿ ಮಹಾನಗರ ಪಾಲಿಕೆರವರನ್ನು ಸಂಪರ್ಕಿಸಬಹುದಾಗಿದೆ. ಮೋ.ನಂ: 9945974277, 6) ಅಂತರಜಾಲ ತಾಣದ ವಿಳಾಸ/ ವೆಬ್ ಸೈಟ್ : https://kppp.karnataka.gov.in
ವಾ.ಸಾ.ಸಂ.ಇ/ಕಲಬುರಗಿ/934/ಕೆ.ಎಸ್.ಎಂ.ಪಿ.&ಎ/2025-26
ಸಹಿ/– ಉಪ ಆಯುಕ್ತರು (ಅಭಿವೃದ್ಧಿ)
ಕಲಬುರಗಿ ಮಹಾನಗರ ಪಾಲಿಕೆ, ಕಲಬುರಗಿ.
ಕರ್ನಾಟಕ ಸರ್ಕಾರದ ತೋಟಗಾರಿಕೆ ಇಲಾಖೆ
ಹಿರಿಯ ಸಹಾಯಕ ತೋಟಗಾರಿಕೆ ನಿರ್ದೇಶಕರು (ರಾ.ವ) ರವರ ಕಾರ್ಯಾಲಯ ಕಲಬುರಗಿ
Mail Id: sadhsskalaburagi@gmail.com ದೂರವಾಣಿ ಸಂಖ್ಯೆ: 08472-229479
ಸಂಖ್ಯೆ:ಹಿಸತೋನಿ/ರಾವ/ಇ/ಕಾಸ/ 2025-26	ದಿನಾಂಕ:03.01.2026
ಇ–ಟೆಂಡರ್
ಕಲಬುರಗಿ ಜಿಲ್ಲೆಯ ಬದೇಪುರ ತೋಟಗಾರಿಕೆ ಕ್ಷೇತ್ರದಲ್ಲಿ ಅಣಬೆ ಪ್ರಯೋಗ ಶಾಲೆ ಯಂತ್ರೋಪಕರಣಗಳನ್ನು, ಸರಬರಾಜು ಮಾಡಲು ಕೆಪಿಪಿ ಪೋರ್ಟಲ್‌ನಲ್ಲಿ ದಿನಾಂಕ: 03.01.2026 ರಂದು ಇ-ಟೆಂಡರ್ ಹೊರಡಿಸಲಾಗಿದೆ. ಇ-ಟೆಂಡರ್ ಸಂಖ್ಯೆ : KSHD/2025-26/IND033 ಪೋರ್ಟಲ್‌ನಲ್ಲಿ ನೋಂದಣಿ ಮಾಡಿಕೊಳ್ಳುವ ಕೊನೆಯ ದಿನಾಂಕ: 19.01.2026 ಸಂಜೆ 5.30 ಗಂಟೆ ವರೆಗೆ.
Sl.no Item name : 1) BOD Incubator, Qty 1, Present approximate price per unit (in Rs.) : 75,000.00, EMD (in Rs.) : 1,500.00, 2) Hot Air Oven, Qty 1, Present approximate price per unit (in Rs.) : 30,000.00, EMD (in Rs.) : 600.00, 3) Laminar Airflow Unit (6X2X2ft), Qty : 1, Present approximate price per unit (in Rs.) : 1,30,000.00, EMD (inRs.) : 2,600.00, 4) Laminar Air flow Unit, without steri pot (4X2X2), Qty : 1, Present approximate price per unit (in Rs.) : 80,000.00, EMD (in Rs.) :1,600.00, 5) SS Trolleys, Qty : 4, Present approximate price per unit (in Rs.): 14,000.00 EMD (in Rs.) :1,200.00, 6) RTF Bag Incubation Rack, Qty: 6, Present approximate price per unit (in Rs.) : 35,000.00, EMD (inRs.) : 4,200.00, 7) Spawn Incubation Rack, Qty: 4, Present approximate price per unit (in Rs.) : 50,000.00, EMD (in Rs.): 4,000.00, 8) IIHR Spawn Machinery Set, Qty 1Set, Present approximate price per unit (in Rs.)17,00,000.00 EMD (in Rs.): 34,000.00, ಹೆಚ್ಚಿನ ಮಾಹಿತಿಗಾಗಿ e-procurement portal https://kppp.karnataka.gov.in, ನ ಸಂಪರ್ಕಿಸಬಹುದಾಗಿದೆ.
ವಾ.ಸಾ.ಸಂ.ಇ./ಕಲಬುರಗಿ/929/ಜೇರವಾಣೆ ಸಲ್ಲಿಕೆ/2025-26
ಸಹಿ/– ಹಿರಿಯ ಸಹಾಯಕ ತೋಟಗಾರಿಕೆ ನಿರ್ದೇಶಕರು
(ರಾಜ್ಯ ವಲಯ), ಕಲಬುರಗಿ
ಓ. ದಾ. ನಂ 56/2018
ಮಾನ್ಯ 1ನೇ ಹೆಚ್ಚುವರಿ ಹಿರಿಯ ದಿವಾಣಿ ನ್ಯಾಯಾಧೀಶರ ನ್ಯಾಯಾಲಯ, ಧಾರವಾಡ
-ವಿರುದ್ಧ-
ಪ್ರತಿವಾದಿಯರು : 1) ಅಜ್ಞಾತರು ಹಾಗೂ ಕ್ರಮಾಂಕ 5 ರಿಂದ 20 (12) ವಿವರ ಅರಿಯದವರು. ಈ ಪ್ರಕರಣದಲ್ಲಿ ಸದರಿ ದಾವಾ ಆಸ್ತಿಗಳ ಸರ್ವೇ ನಂ. 181/ಒ ಹಾಗೂ ನಂ. 81 ಮತ್ತು 93 ರಲ್ಲಿನ ಆಸ್ತಿಗೆ ಸಂಬಂಧಿಸಿದಂತೆ ಈ ನ್ಯಾಯಾಲಯದಲ್ಲಿ ವಿಚಾರಣೆ ನಡೆದಿದ್ದು, ಆಕ್ಷೇಪಣೆ ಇದ್ದಲ್ಲಿ ದಿನಾಂಕ 03-01-2026 ರಂದು ಮುಂಜಾನೆ 11.00 ಕ್ಕೆ ಖುದ್ದಾಗಿ ಅಥವಾ ವಕೀಲರ ಮುಖಾಂತರ ಹಾಜರಾಗಿ ಆಕ್ಷೇಪಣೆ ಸಲ್ಲಿಸತಕ್ಕದ್ದು. ತಪ್ಪಿದಲ್ಲಿ ಪ್ರಕರಣವನ್ನು ಏಕಪಕ್ಷೀಯವಾಗಿ ಇತ್ಯರ್ಥಗೊಳಿಸಲಾಗುವುದು ಎಂದು ಈ ಮೂಲಕ ಪ್ರಕಟಿಸಲಾಗಿದೆ.
ದಿನಾಂಕ : 03-01-2026
ಕೋರ್ಟ ಶೀಲ — ನ್ಯಾಯಾಲಯದ ಆದೇಶದ ಮೇರೆಗೆ ಶಿರಸ್ತೇದಾರರು, ಮಾನ್ಯ ಹೆಚ್ಚುವರಿ ಹಿರಿಯ ದಿವಾಣಿ ನ್ಯಾಯಾಧೀಶರ ನ್ಯಾಯಾಲಯ (ಸ.ಶ್ರೇ) ಧಾರವಾಡ.
ಮಾನ್ಯ ಕೌಟುಂಬಿಕ ಪ್ರಧಾನ ಹಿರಿಯ ಸಿವಿಲ್ ನ್ಯಾಯಾಧೀಶರ ನ್ಯಾಯಾಲಯ ಮತ್ತು ಪ್ರಧಾನ ಜೆ.ಎಂ.ಎಫ್.ಸಿ, ರಾಣೆಬೆನ್ನೂರ
ಕ್ರಿಮಿನಲ್ ಮಿಸ್ ಸಂಖ್ಯೆ:998/2025
ಪತ್ರಿಕಾ ಪ್ರಕಟಣೆ
ಅರ್ಜಿದಾರಳು: ಪಾರಮ್ಮ ಕೋಂ ಮೃತ್ಯುಂಜಯ ಸಾ: ರಾಣೆಬೆನ್ನೂರ — ವಿರುದ್ಧ — ಎದುರುದಾರ: ಮೃತ್ಯುಂಜಯ ತಂದೆ ಬಸವರಾಜ, ಸಾ: ರಾಣೆಬೆನ್ನೂರ. ಎದುರುದಾರನು ಅರ್ಜಿದಾರಳಿಗೆ ಜೀವನಾಂಶ ನೀಡುವಂತೆ ಸಲ್ಲಿಸಿದ ಅರ್ಜಿಯ ವಿಚಾರಣೆಯು ಈ ನ್ಯಾಯಾಲಯದಲ್ಲಿ ನಡೆದಿದ್ದು, ದಿನಾಂಕ 09/02/2026 ರಂದು ಬೆಳಿಗ್ಗೆ 11-00 ಘಂಟೆಗೆ ಖುದ್ದಾಗಿ ಇಲ್ಲವೇ ವಕೀಲರ ಮುಖಾಂತರ ಹಾಜರಾಗಬೇಕು. ತಪ್ಪಿದಲ್ಲಿ ಪ್ರಕರಣವನ್ನು ಏಕಪಕ್ಷೀಯವಾಗಿ ಇತ್ಯರ್ಥಪಡಿಸಲಾಗುವುದು ಎಂದು ಪ್ರಕಟಿಸಲಾಗಿದೆ.
ದಿನಾಂಕ : 12/12/2025
ನ್ಯಾಯಾಲಯದ ಆದೇಶದ ಮೇರೆಗೆ ಶಿರಸ್ತೇದಾರರು, ಮಾನ್ಯ ಪ್ರಧಾನ ಹಿರಿಯ ಸಿವಿಲ್ ನ್ಯಾಯಾಲಯ & ಪ್ರಧಾನ ಜೆ.ಎಂ.ಎಫ್.ಸಿ ನ್ಯಾಯಾಲಯ, ರಾಣೆಬೆನ್ನೂರ.
ಸಹಿ-(ಶ್ರೀ ಕೃಷ್ಣ ನಾಯ್ಕ) KAR/908/2024
ಮಾನ್ಯ ಪ್ರಧಾನ ಹಿರಿಯ ಸಿವಿಲ್ ನ್ಯಾಯಾಧೀಶರ ನ್ಯಾಯಾಲಯ ಮತ್ತು ಪ್ರಧಾನ ಜೆ.ಎಂ.ಎಫ್.ಸಿ, ರಾಣೆಬೆನ್ನೂರ
ಕ್ರಿಮಿನಲ್ ಮಿಸ್.ಸಂಖ್ಯೆ. 799/2025
ಪತ್ರಿಕಾ ಪ್ರಕಟಣೆ
ಅರ್ಜಿದಾರಳು: ಪಾರ್ವತೆವ್ವ ಮೈದುನ ಸಂಗಮ್ಮ 24 ವರ್ಷ, ವೃತ್ತಿ ಕೃಷಿ ಕೂಲಿ ಸಾ: ರಾಣೆಬೆನ್ನೂರ ತಾಲೂಕ. — ಎದುರುದಾರ: ಮಲ್ಲೇಶ ತಂದೆ ಹನುಮಂತಪ್ಪ ಸಾ: ರಾಣೆಬೆನ್ನೂರ. ಅರ್ಜಿದಾರಳ ಜೀವನಾಂಶ ಅರ್ಜಿಯ ವಿಚಾರಣೆಯು ಈ ನ್ಯಾಯಾಲಯದಲ್ಲಿ ನಡೆದಿದ್ದು, ದಿನಾಂಕ 09/02/2026 ರಂದು ಬೆಳಿಗ್ಗೆ 11-00 ಘಂಟೆಗೆ ಖುದ್ದಾಗಿ ಇಲ್ಲವೇ ವಕೀಲರ ಮುಖಾಂತರ ಹಾಜರಾಗಬೇಕು. ತಪ್ಪಿದಲ್ಲಿ ಮುಂದಿನ ಕ್ರಮ ಜರುಗಿಸಲಾಗುವುದು ಎಂದು ಪ್ರಕಟಿಸಲಾಗಿದೆ.
ದಿನಾಂಕ : 12/12/2025
ನ್ಯಾಯಾಲಯದ ಆದೇಶದ ಮೇರೆಗೆ ಶಿರಸ್ತೇದಾರರು, ಮಾನ್ಯ ಪ್ರಧಾನ ಹಿರಿಯ ಸಿವಿಲ್ ನ್ಯಾಯಾಲಯ & ಪ್ರಧಾನ ಜೆ.ಎಂ.ಎಫ್.ಸಿ ನ್ಯಾಯಾಲಯ, ರಾಣೆಬೆನ್ನೂರ.
ಸಹಿ- ಶ್ರೀ ಕೃಷ್ಣ ನಾಯ್ಕ KAR/908/2024
ಪತ್ರಿಕೆಗಾಗಿ ಸಂಪರ್ಕಿಸಿ
7022002526
ಕರ್ನಾಟಕ ಸರ್ಕಾರ (ಕೃಷಿ ಇಲಾಖೆ)
ಜಂಟಿ ಕೃಷಿ ನಿರ್ದೇಶಕ ಕಾರ್ಯಾಲಯ, ವಿಜಯನಗರ
ಸೆಂಟರ್ ಆಫ್ ಎಕ್ಸಲೆನ್ಸ್ ಕಟ್ಟಡ, ನ್ಯಾಪಡಲ್ ಕಾಲೇಜ್ ಹಿಂಭಾಗ, ಎಸ್.ಸಿ.ಕಾಲೋನಿ, ಹರಿಹರ ರಸ್ತೆ, ಹೊಸಪೇಟೆ-583 203.ದೂ.ಸಂ.: 08394-290240 ಇ-ಮೇಲ್:jdavijnynangar@gmail.com
ಸಂ. ಜಕೃನಿವಿನ/ಸಿ/388/2025-26	ದಿನಾಂಕ: 31.12.2025
ಅಲ್ಪಾವಧಿ ಇ-ಟೆಂಡರ್ ಪ್ರಕಟಣೆ
ಕರ್ನಾಟಕರಾಜ್ಯಪಾಲರ ಪರವಾಗಿ ಜಂಟಿ ಕೃಷಿ ನಿರ್ದೇಶಕರು, ವಿಜಯನಗರ ಮತ್ತು ಅಧೀನ ಕಛೇರಿಗಳಿಗೆ ಹೊಸದಾಗಿ ಮಂಜೂರಾದ ರೈತಸಂಪರ್ಕ ಕೇಂದ್ರಗಳಿಗೆ ಕೃಷಿ ಸಂಬಂಧಿತ ತಾಂತ್ರಿಕ ಸಹಾಯಕ ಹಾಗೂ ಕೃಷಿ ಸಂಬಂಧಿತ ಮಾಹಿತಿ ಸಾಮಗ್ರಿ ಸರಬರಾಜುಗಳನ್ನು ಒದಗಿಸಲು ಅರ್ಹ ಮಾನ್ಯತೆ ಸಂಸ್ಥೆಗಳಿಂದ ಇ-ಟೆಂಡರ್ ಕರೆಯಲಾಗಿದ್ದು, ಸದರಿ ಟೆಂಡರಿನ ಬಗ್ಗೆ ಹೆಚ್ಚಿನ ಮಾಹಿತಿಗಾಗಿ kppp.karnataka.gov.in ವೆಬ್‌ಸೈಟ್‌ನ್ನು ಸಂಪರ್ಕಿಸಲು ಕೋರಿದೆ. ಭರ್ತಿ ಮಾಡಿದ ಟೆಂಡರ್‌ಗಳನ್ನು ಸಲ್ಲಿಸಲು ಕೊನೆಯ ದಿನಾಂಕ: 07.01.2026 ರಂದು ಸಂಜೆ: 4.00 ಘಂಟೆಗೆ ನಿಗದಿಪಡಿಸಲಾಗಿದೆ. ಹೆಚ್ಚಿನ ವಿವರಗಳಿಗಾಗಿ ಮೇಲ್ಕಂಡ ಕಛೇರಿಯನ್ನು ಸಂಪರ್ಕಿಸಬಹುದಾಗಿದೆ.
Tender No. AD/2025-26/SE0448
ಸಹಿ/– ಜಂಟಿ ಕೃಷಿ ನಿರ್ದೇಶಕರು, ವಿಜಯನಗರ.
ವಾ.ಸಾ.ಸಂ.ಇ/ವಿಜಯನಗರ/2025-26/ಕೆಎಸ್ ಎಂಓಪಿ/ಆರ್.ಓ.ಸಂಖ್ಯೆ/439
ಕರ್ನಾಟಕ ನೀರಾವರಿ ನಿಗಮ ನಿಯಮಿತ
(ಕರ್ನಾಟಕ ಸರ್ಕಾರದ ಉದ್ಯಮ)
ಕಾರ್ಯಪಾಲಕ ಇಂಜನೀಯರವರ ಕಛೇರಿ, ಕ.ನೀ.ನಿ.ನಿ.,
ಮ.ಬ.ಪ.ಕಾ.ನಿ. ವಿಭಾಗ ಸಂ. 1, ನರಗುಂದ ಜಿಲ್ಲೆ : ಗದಗ
Tel No. 08377-244236 e-mail : knnlestablishment@gmail.com
ಸಂ:ಕೆನೀನಿನಿ/ಮಬಪಕಾ/ಇಜಿಎಸ್/ಟೆಂಡರ:2025-26/1404 ದಿನಾಂಕ: 02-01-2026
ಟೆಂಡರ ಪ್ರಕಟಣೆ –ಐದನೇಯ ಕರೆ
(ಕೆ.ಪಿ.ಪಿ–ಪೋರ್ಟಲ್ ಮುಖಾಂತರ)
ವ್ಯವಸ್ಥಾಪಕ ನಿರ್ದೇಶಕರು, ಕರ್ನಾಟಕ ನೀರಾವರಿ ನಿಗಮ ನಿಯಮಿತ, ಬೆಂಗಳೂರು ಇವರ ಪರವಾಗಿ ಈ ಕೆಳ ಸಹಿ ಮಾಡಿದವರಿಂದ ಲೋಕೋಪಯೋಗಿ ಇಲಾಖೆಯಲ್ಲಿ ಸೂಕ್ತ ದರ್ಜೆ ನೋಂದಾಯಿತರಾಗಿರುವ ಅರ್ಹಗುತ್ತಿಗೆದಾರರಿಂದ, KW-4 ಪ್ರಕಾರ Turnkey ಆಧಾರದ ಮೇಲೆ ಕೆ.ಪಿ.ಪಿ.ಪಿ ಪೋರ್ಟಲ್ ಮೂಲಕ (Two-Cover System) ಟೆಂಡರ ಕರೆಯಲಾಗಿದೆ. (1) Indent No.1574-ಕಾಮಗಾರಿಯ ಒಟ್ಟು ಅಂದಾಜು ಮೊತ್ತ ರೂ.45.75 ಕೋಟಿಗಳು ಮತ್ತು ಇ.ಎಂ.ಡಿ ಮೊತ್ತ ರೂ.38.40 ಲಕ್ಷಗಳು. (2) Indent No.1575- ಕಾಮಗಾರಿಯ ಒಟ್ಟು ಅಂದಾಜು ಮೊತ್ತ ರೂ.41.30 ಕೋಟಿಗಳು ಮತ್ತು ಇ.ಎಂ.ಡಿ ಮೊತ್ತ ರೂ.34.71 ಲಕ್ಷಗಳು. (3) ಟೆಂಡರ್ ಆಕ್ಷೇಪಣೆಗಳಿಗೆ/ಸ್ಪಷ್ಟಿಕರಣಕ್ಕಾಗಿ ನಿಗದಿಪಡಿಸಿದ ದಿನಾಂಕ: 09-01-2026 ರಂದು ಬೆಳಿಗ್ಗೆ 11-00 ಗಂಟೆ. (4). ಪ್ರಿ-ಬಿಡ್ ಸಭೆ ದಿನಾಂಕ: 12-01-2026 ಸ್ಥಳ ಮಾನ್ಯ ವ್ಯವಸ್ಥಾಪಕ ನಿರ್ದೇಶಕರು, ಕನೀನಿನಿ, 4ನೇ ಮಹಡಿ, ಕಾಫೀ ಬೋರ್ಡ್ ಬಿಲ್ಡಿಂಗ್ ನಂ.1 ಡಾ|| ಬಿ.ಆರ್.ಅಂಬೇಡ್ಕರ ವೀದಿ ಬೆಂಗಳೂರು ಇವರ ಕಛೇರಿಯಲ್ಲಿ ಪೂರ್ವಾಹ್ನ 11.00 ಘಂಟೆಗೆ. (5) ಭರ್ತಿ ಮಾಡಿದ ಇ-ಟೆಂಡರ ಸಲ್ಲಿಸಲು ಕೊನೆಯ ದಿನಾಂಕ: 02-02-2026 ಅಪರಾಹ್ನ 4-00 ಗಂಟೆ ವರೆಗೆ. (6) ತಾಂತ್ರಿಕ ಬಿಡ್ ತೆರೆಯುವ ದಿನಾಂಕ: 04-02-2026 ರಂದು ಪೂರ್ವಾಹ್ನ 11-00 ಗಂಟೆಗೆ. ತಾಂತ್ರಿಕ ಬಿಡ್ ಅನುಮೋದನೆಯಾದ ನಂತರ ಆರ್ಥಿಕ ಬಿಡ್‌ನ್ನು ತೆರೆಯಲಾಗುವುದು.
ಇತರೆ ವಿವರಗಳನ್ನು ಕೆಪಿಪಿ ಪೋರ್ಟಲ್ ವೆಬ್‌ಸೈಟ್ ಮುಖೇನ ಮೂಲಕ ಪಡೆಯಬಹುದಾಗಿದೆ. ಹೆಚ್ಚಿನ ಮಾಹಿತಿಗಾಗಿ ಈ ಕಛೇರಿ ದೂರವಾಣಿ ಸಂಖ್ಯೆ:08377-244236 ನ್ನು ಕಛೇರಿಯ ವೇಳೆಯಲ್ಲಿ ಸಂಪರ್ಕಿಸಬಹುದಾಗಿದೆ.
ಸಹಿ/– ಕಾರ್ಯಪಾಲಕ ಅಭಿಯಂತರರು,
ಕೆ:ನಿನಿ ಮುಬಳಕಾನಿ ವಿಭಾಗ ಸಂ.1 ನರಗುಂದ
ವಾಸಾಸಂಇ/ಗದಗ/ಕೆಎಸ್ಎಂಪಿಎ/499/2025-26
